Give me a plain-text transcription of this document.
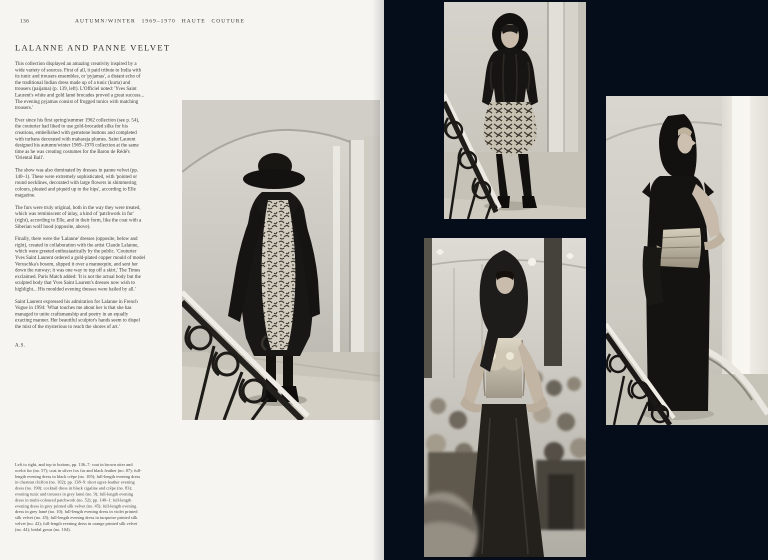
136	AUTUMN/WINTER 1969–1970 HAUTE COUTURE
LALANNE AND PANNE VELVET

This collection displayed an amazing creativity inspired by a wide variety of sources. First of all, it paid tribute to India with its tunic and trousers ensembles, or 'pyjamas', a distant echo of the traditional Indian dress made up of a tunic (kurta) and trousers (paijama) (p. 139, left). L'Officiel noted: 'Yves Saint Laurent's white and gold lamé brocades proved a great success... The evening pyjamas consist of frogged tunics with matching trousers.'

Ever since his first spring/summer 1962 collection (see p. 54), the couturier had liked to use gold-brocaded silks for his creations, embellished with gemstone buttons and completed with turbans decorated with maharaja plumes. Saint Laurent designed his autumn/winter 1969–1970 collection at the same time as he was creating costumes for the Baron de Rédé's 'Oriental Ball'.

The show was also dominated by dresses in panne velvet (pp. 140–1). These were extremely sophisticated, with 'pointed or round necklines, decorated with large flowers in shimmering colours, pleated and piquéd up to the hips', according to Elle magazine.

The furs were truly original, both in the way they were treated, which was reminiscent of inlay, a kind of 'patchwork in fur' (right), according to Elle, and in their form, like the coat with a Siberian wolf hood (opposite, above).

Finally, there were the 'Lalanne' dresses (opposite, below and right), created in collaboration with the artist Claude Lalanne, which were greeted enthusiastically by the public. 'Couturier Yves Saint Laurent ordered a gold-plated copper mould of model Veruschka's bosom, slipped it over a mannequin, and sent her down the runway; it was one way to top off a skirt,' The Times exclaimed. Paris Match added: 'It is not the actual body but the sculpted body that Yves Saint Laurent's dresses now wish to highlight... His moulded evening dresses were hailed by all.'

Saint Laurent expressed his admiration for Lalanne in French Vogue in 1994: 'What touches me about her is that she has managed to unite craftsmanship and poetry in an equally exacting manner. Her beautiful sculptor's hands seem to dispel the mist of the mysterious to reach the shores of art.'

A.S.

Left to right, and top to bottom, pp. 136–7: coat in brown otter and ocelot fur (no. 57); coat in silver fox fur and black feather (no. 87); full-length evening dress in black crêpe (no. 105); full-length evening dress in chestnut chiffon (no. 102); pp. 138–9: short egret-feather evening dress (no. 190); cocktail dress in black cigaline and crêpe (no. 83); evening tunic and trousers in grey lamé (no. 9); full-length evening dress in multi-coloured patchwork (no. 52); pp. 140–1: full-length evening dress in grey printed silk velvet (no. 45); full-length evening dress in grey lamé (no. 10); full-length evening dress in violet printed silk velvet (no. 45); full-length evening dress in turquoise printed silk velvet (no. 42); full-length evening dress in orange printed silk velvet (no. 44); bridal gown (no. 104).
